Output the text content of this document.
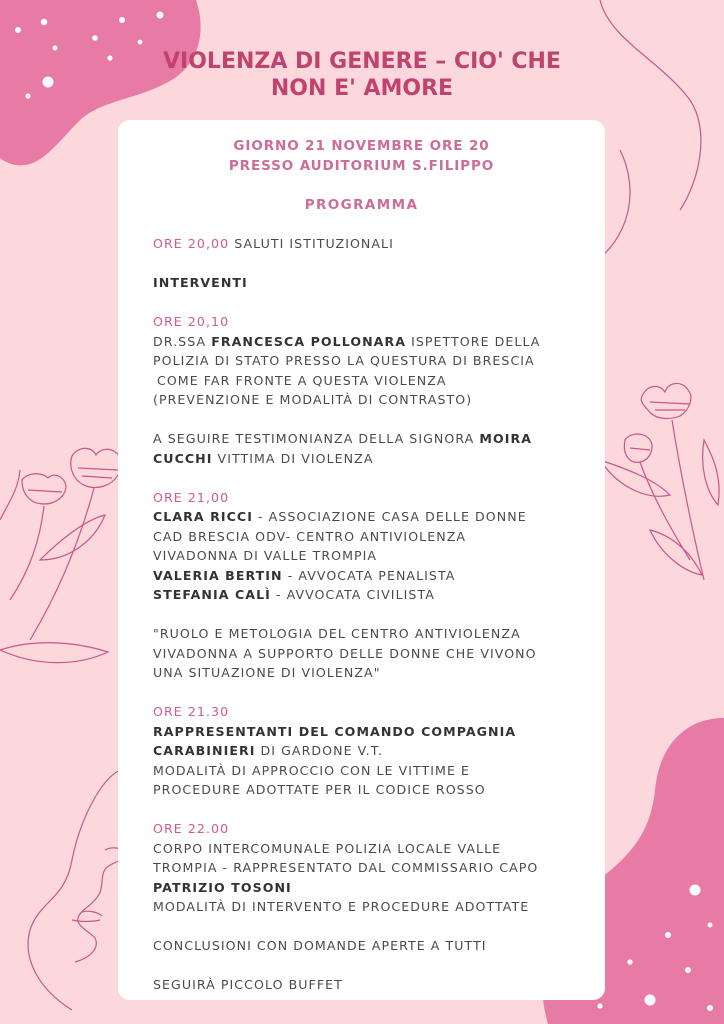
VIOLENZA DI GENERE – CIO' CHE
NON E' AMORE
GIORNO 21 NOVEMBRE ORE 20
PRESSO AUDITORIUM S.FILIPPO
PROGRAMMA

ORE 20,00 SALUTI ISTITUZIONALI

INTERVENTI

ORE 20,10

DR.SSA FRANCESCA POLLONARA ISPETTORE DELLA

POLIZIA DI STATO PRESSO LA QUESTURA DI BRESCIA

COME FAR FRONTE A QUESTA VIOLENZA

(PREVENZIONE E MODALITÀ DI CONTRASTO)

A SEGUIRE TESTIMONIANZA DELLA SIGNORA MOIRA

CUCCHI VITTIMA DI VIOLENZA

ORE 21,00

CLARA RICCI - ASSOCIAZIONE CASA DELLE DONNE

CAD BRESCIA ODV- CENTRO ANTIVIOLENZA

VIVADONNA DI VALLE TROMPIA

VALERIA BERTIN - AVVOCATA PENALISTA

STEFANIA CALÌ - AVVOCATA CIVILISTA

"RUOLO E METOLOGIA DEL CENTRO ANTIVIOLENZA

VIVADONNA A SUPPORTO DELLE DONNE CHE VIVONO

UNA SITUAZIONE DI VIOLENZA"

ORE 21.30

RAPPRESENTANTI DEL COMANDO COMPAGNIA

CARABINIERI DI GARDONE V.T.

MODALITÀ DI APPROCCIO CON LE VITTIME E

PROCEDURE ADOTTATE PER IL CODICE ROSSO

ORE 22.00

CORPO INTERCOMUNALE POLIZIA LOCALE VALLE

TROMPIA - RAPPRESENTATO DAL COMMISSARIO CAPO

PATRIZIO TOSONI

MODALITÀ DI INTERVENTO E PROCEDURE ADOTTATE

CONCLUSIONI CON DOMANDE APERTE A TUTTI

SEGUIRÀ PICCOLO BUFFET
